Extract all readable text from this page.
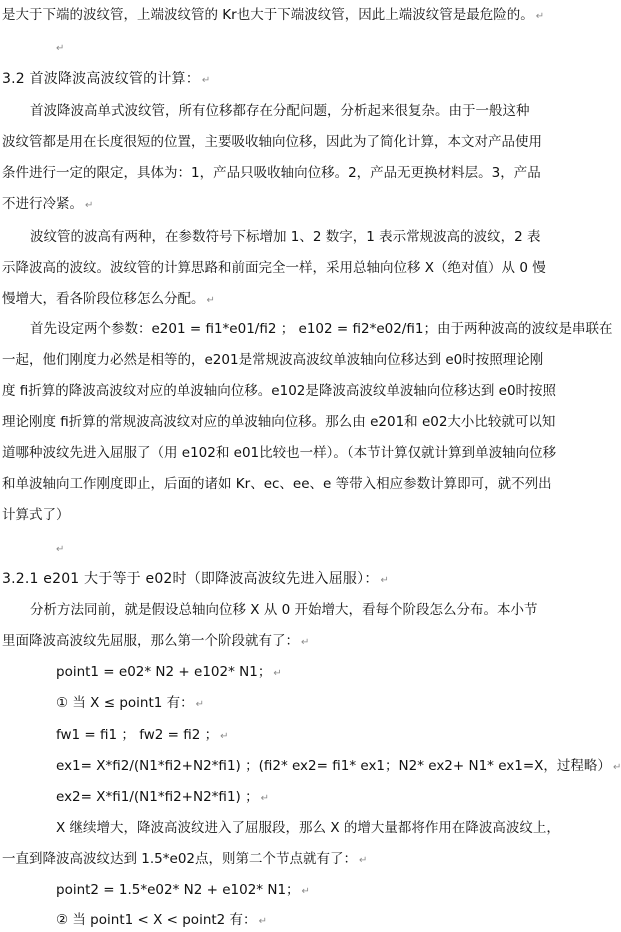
是大于下端的波纹管，上端波纹管的 Kr也大于下端波纹管，因此上端波纹管是最危险的。 ↵
↵
3.2 首波降波高波纹管的计算： ↵
首波降波高单式波纹管，所有位移都存在分配问题，分析起来很复杂。由于一般这种
波纹管都是用在长度很短的位置，主要吸收轴向位移，因此为了简化计算，本文对产品使用
条件进行一定的限定，具体为：1，产品只吸收轴向位移。2，产品无更换材料层。3，产品
不进行冷紧。 ↵
波纹管的波高有两种，在参数符号下标增加 1、2 数字，1 表示常规波高的波纹，2 表
示降波高的波纹。波纹管的计算思路和前面完全一样，采用总轴向位移 X（绝对值）从 0 慢
慢增大，看各阶段位移怎么分配。 ↵
首先设定两个参数：e201 = fi1*e01/fi2 ； e102 = fi2*e02/fi1；由于两种波高的波纹是串联在
一起，他们刚度力必然是相等的，e201是常规波高波纹单波轴向位移达到 e0时按照理论刚
度 fi折算的降波高波纹对应的单波轴向位移。e102是降波高波纹单波轴向位移达到 e0时按照
理论刚度 fi折算的常规波高波纹对应的单波轴向位移。那么由 e201和 e02大小比较就可以知
道哪种波纹先进入屈服了（用 e102和 e01比较也一样）。（本节计算仅就计算到单波轴向位移
和单波轴向工作刚度即止，后面的诸如 Kr、ec、ee、e 等带入相应参数计算即可，就不列出
计算式了）
↵
3.2.1 e201 大于等于 e02时（即降波高波纹先进入屈服）： ↵
分析方法同前，就是假设总轴向位移 X 从 0 开始增大，看每个阶段怎么分布。本小节
里面降波高波纹先屈服，那么第一个阶段就有了： ↵
point1 = e02* N2 + e102* N1； ↵
① 当 X ≤ point1 有： ↵
fw1 = fi1 ； fw2 = fi2 ； ↵
ex1= X*fi2/(N1*fi2+N2*fi1) ；(fi2* ex2= fi1* ex1；N2* ex2+ N1* ex1=X，过程略） ↵
ex2= X*fi1/(N1*fi2+N2*fi1) ； ↵
X 继续增大，降波高波纹进入了屈服段，那么 X 的增大量都将作用在降波高波纹上，
一直到降波高波纹达到 1.5*e02点，则第二个节点就有了： ↵
point2 = 1.5*e02* N2 + e102* N1； ↵
② 当 point1 < X < point2 有： ↵
